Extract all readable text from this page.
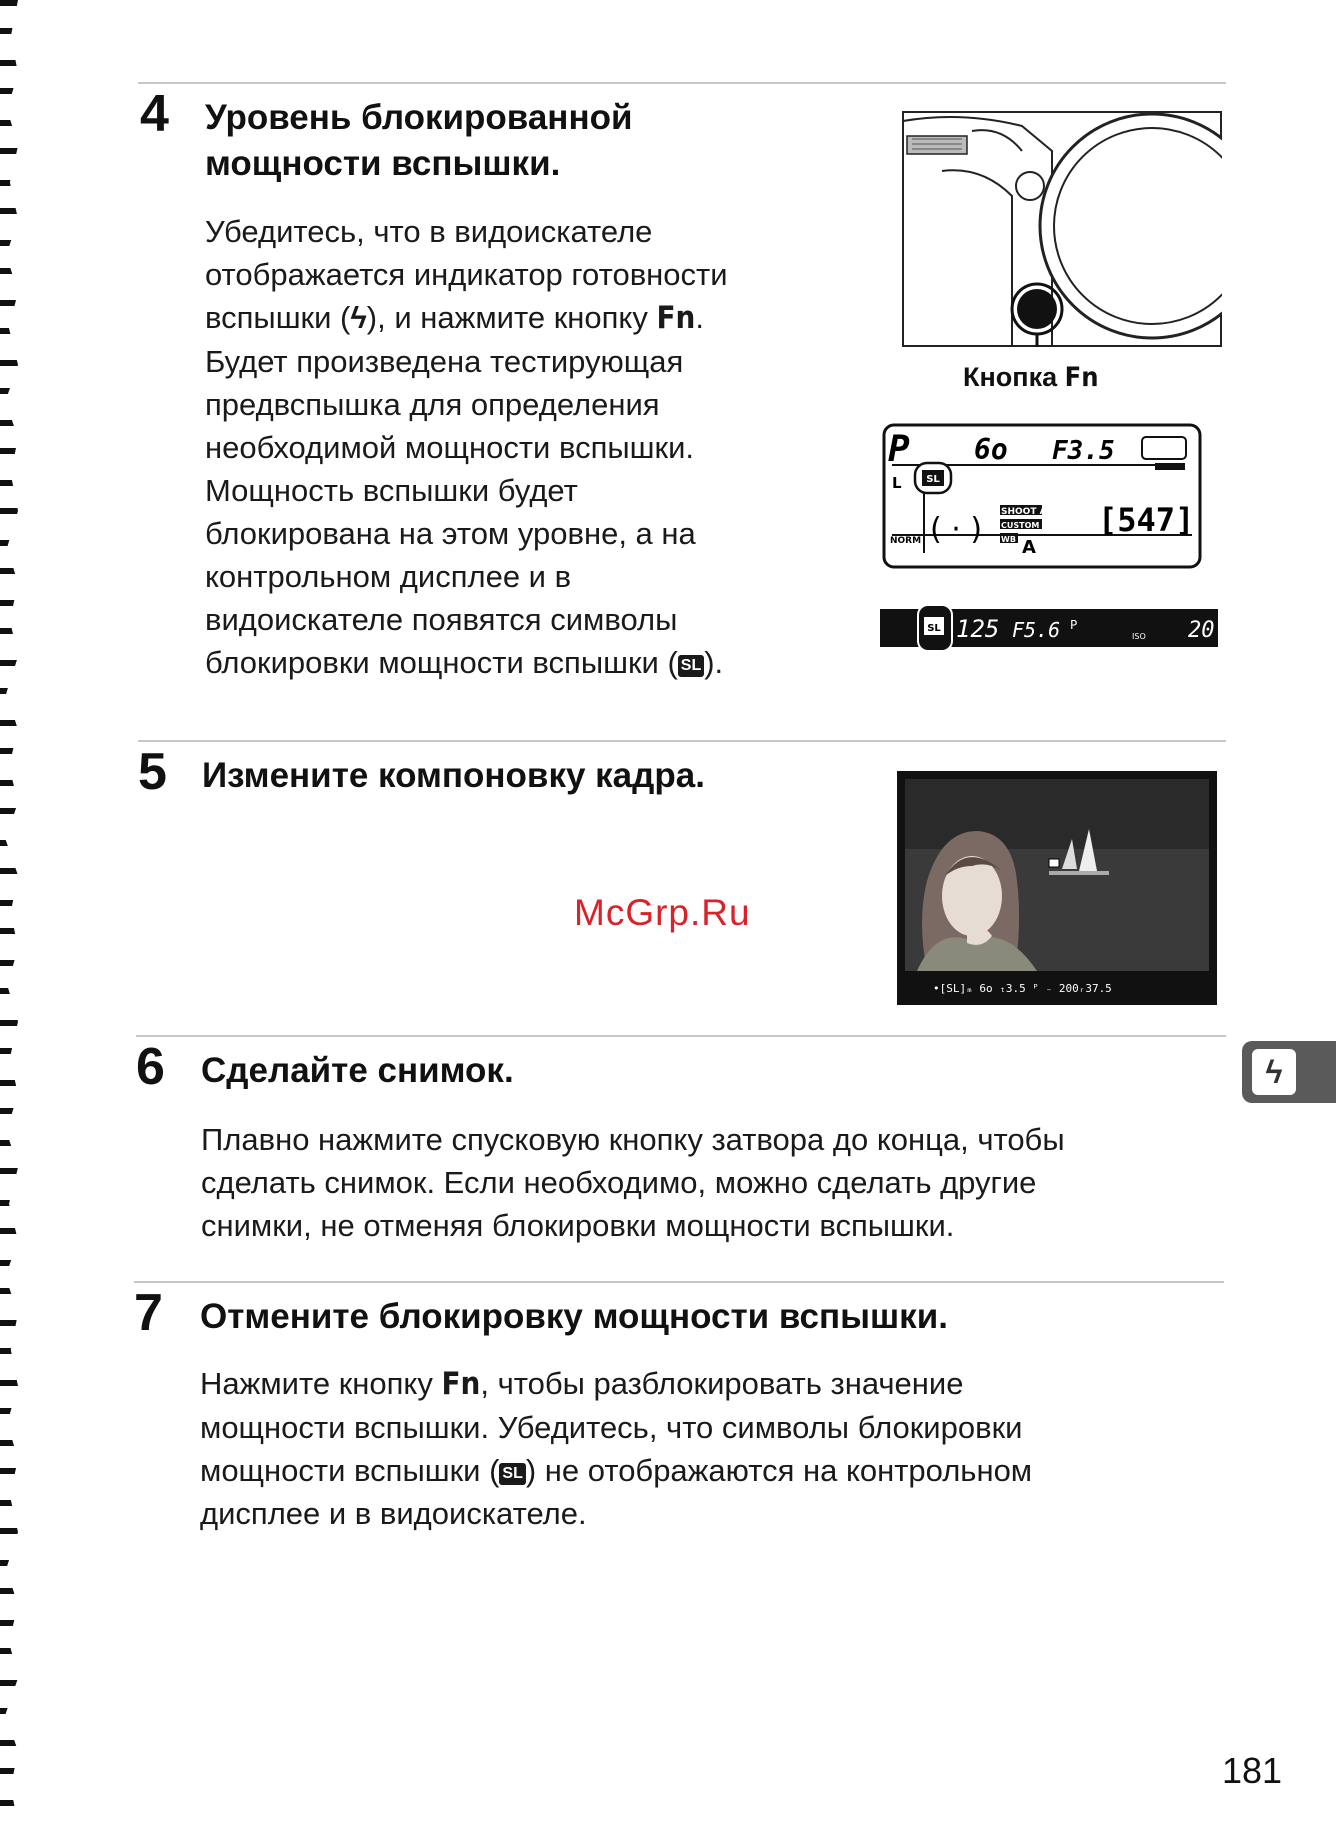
4 Уровень блокированной
мощности вспышки.
Убедитесь, что в видоискателе
отображается индикатор готовности
вспышки (ϟ), и нажмите кнопку Fn.
Будет произведена тестирующая
предвспышка для определения
необходимой мощности вспышки.
Мощность вспышки будет
блокирована на этом уровне, а на
контрольном дисплее и в
видоискателе появятся символы
блокировки мощности вспышки ( SL).
Кнопка Fn
SL
P 6o F3.5
L
NORM ( · ) SHOOT A
CUSTOM A
WB A
[547]
SL 125 F5.6 P
ISO 20
5 Измените компоновку кадра.
•[SL]ₘ 6o ₜ3.5 ᴾ ₋ 200ᵣ37.5
McGrp.Ru
6 Сделайте снимок.
Плавно нажмите спусковую кнопку затвора до конца, чтобы
сделать снимок. Если необходимо, можно сделать другие
снимки, не отменяя блокировки мощности вспышки.
7 Отмените блокировку мощности вспышки.
Нажмите кнопку Fn, чтобы разблокировать значение
мощности вспышки. Убедитесь, что символы блокировки
мощности вспышки ( SL) не отображаются на контрольном
дисплее и в видоискателе.
ϟ
181
